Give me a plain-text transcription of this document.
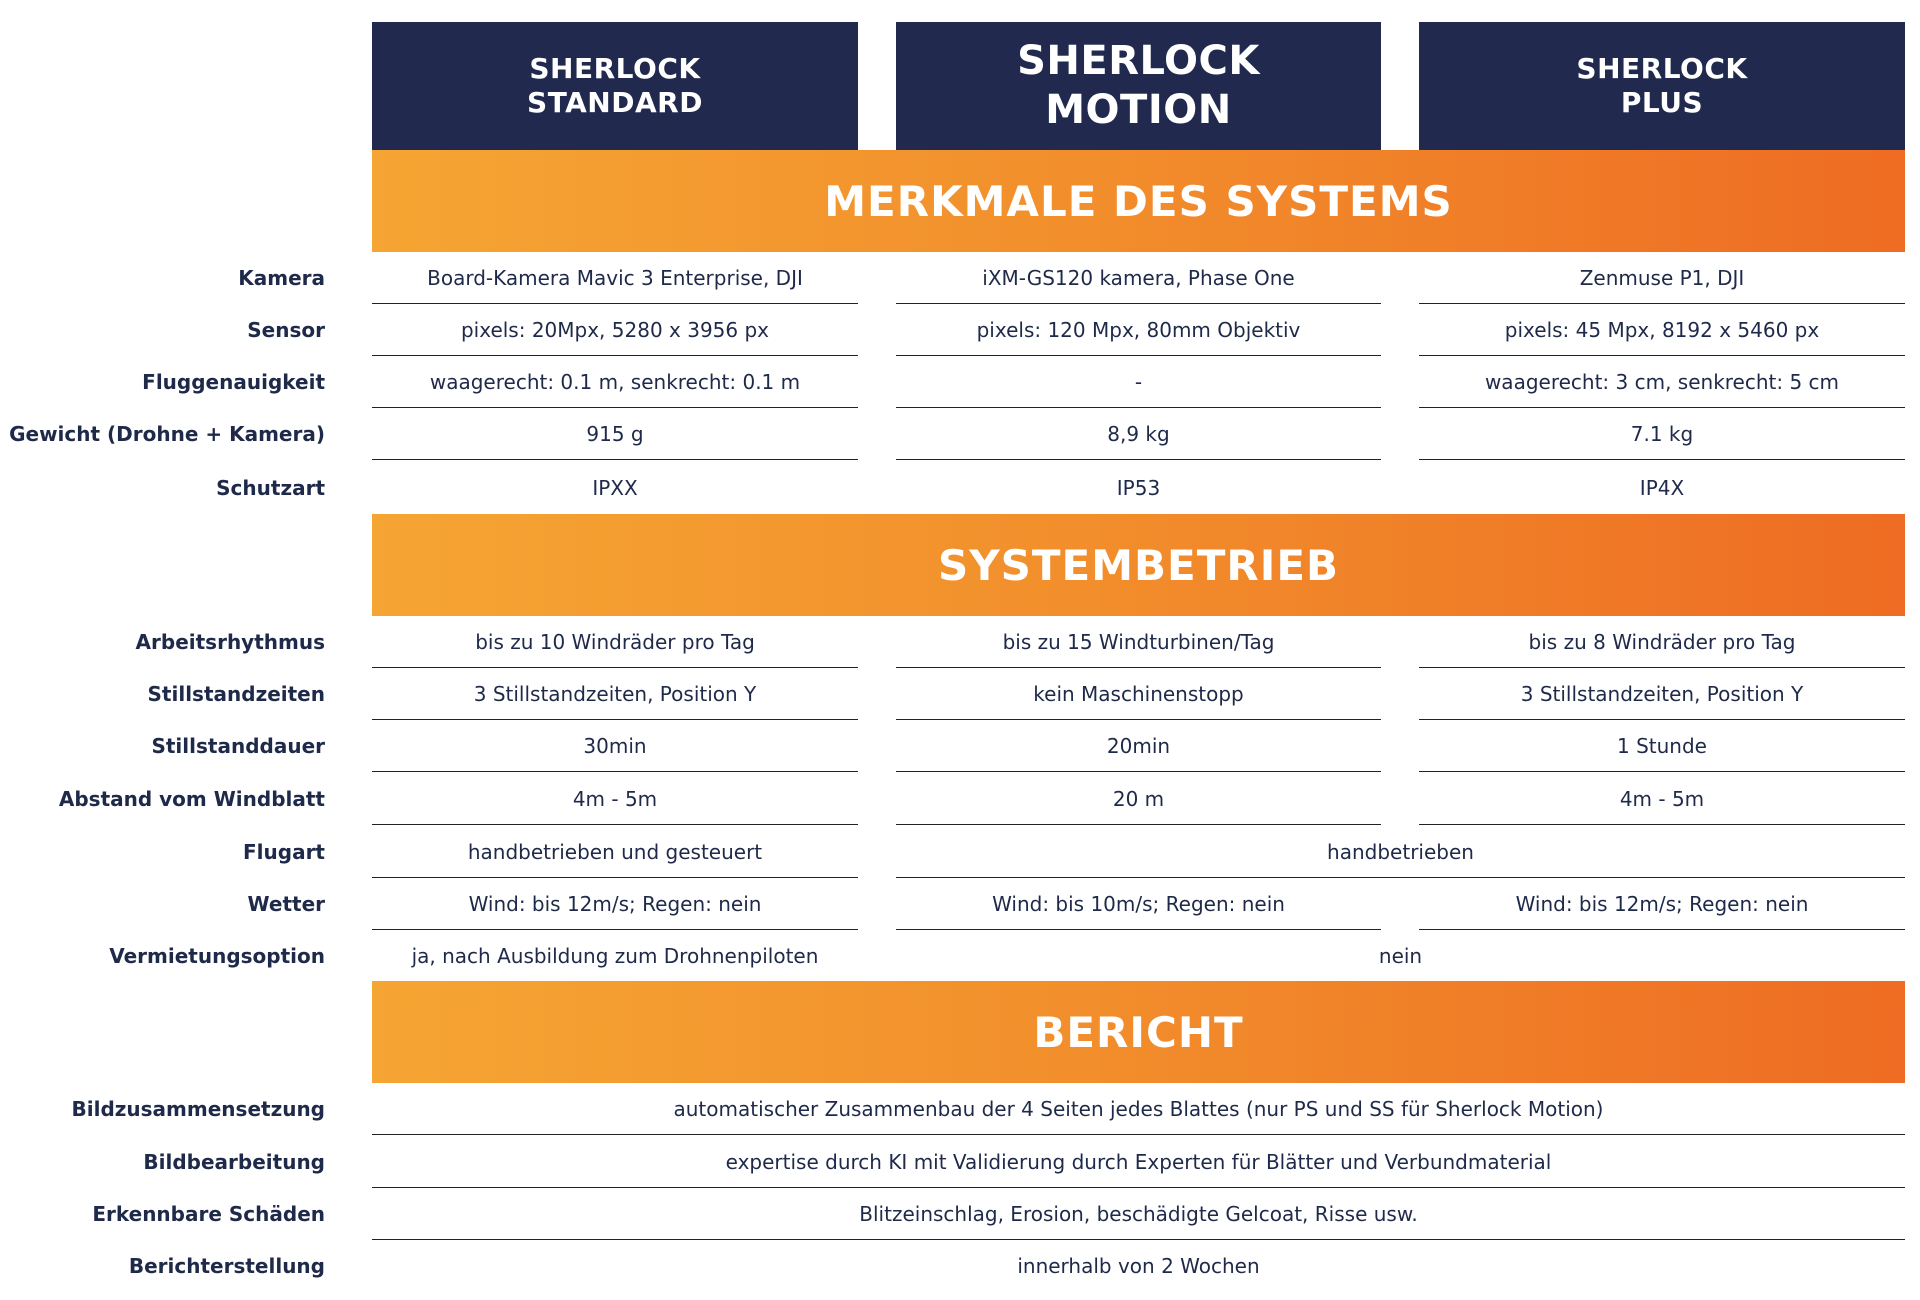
SHERLOCK
STANDARD
SHERLOCK
MOTION
SHERLOCK
PLUS
MERKMALE DES SYSTEMS
Kamera	Board-Kamera Mavic 3 Enterprise, DJI	iXM-GS120 kamera, Phase One	Zenmuse P1, DJI
Sensor	pixels: 20Mpx, 5280 x 3956 px	pixels: 120 Mpx, 80mm Objektiv	pixels: 45 Mpx, 8192 x 5460 px
Fluggenauigkeit	waagerecht: 0.1 m, senkrecht: 0.1 m	-	waagerecht: 3 cm, senkrecht: 5 cm
Gewicht (Drohne + Kamera)	915 g	8,9 kg	7.1 kg
Schutzart	IPXX	IP53	IP4X
SYSTEMBETRIEB
Arbeitsrhythmus	bis zu 10 Windräder pro Tag	bis zu 15 Windturbinen/Tag	bis zu 8 Windräder pro Tag
Stillstandzeiten	3 Stillstandzeiten, Position Y	kein Maschinenstopp	3 Stillstandzeiten, Position Y
Stillstanddauer	30min	20min	1 Stunde
Abstand vom Windblatt	4m - 5m	20 m	4m - 5m
Flugart	handbetrieben und gesteuert	handbetrieben
Wetter	Wind: bis 12m/s; Regen: nein	Wind: bis 10m/s; Regen: nein	Wind: bis 12m/s; Regen: nein
Vermietungsoption	ja, nach Ausbildung zum Drohnenpiloten	nein
BERICHT
Bildzusammensetzung	automatischer Zusammenbau der 4 Seiten jedes Blattes (nur PS und SS für Sherlock Motion)
Bildbearbeitung	expertise durch KI mit Validierung durch Experten für Blätter und Verbundmaterial
Erkennbare Schäden	Blitzeinschlag, Erosion, beschädigte Gelcoat, Risse usw.
Berichterstellung	innerhalb von 2 Wochen
